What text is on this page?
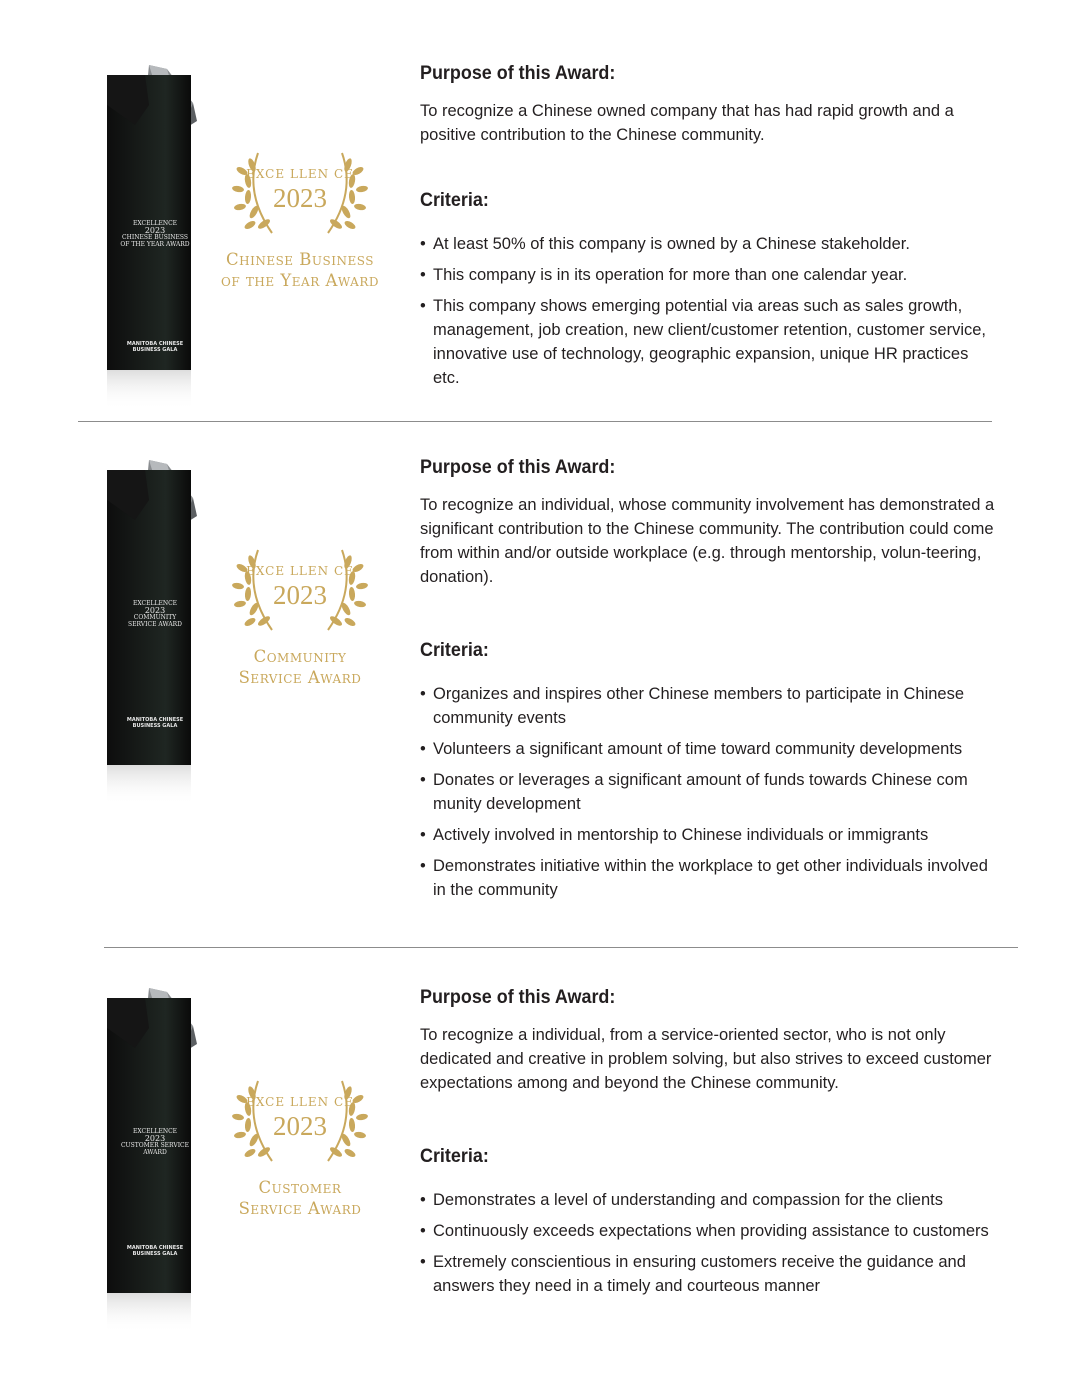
EXCELLENCE
2023
CHINESE BUSINESS
OF THE YEAR AWARD
MANITOBA CHINESE BUSINESS GALA
EXCE LLEN CE
2023
Chinese Business
of the Year Award
Purpose of this Award:
To recognize a Chinese owned company that has had rapid growth and a positive contribution to the Chinese community.
Criteria:
• At least 50% of this company is owned by a Chinese stakeholder.
• This company is in its operation for more than one calendar year.
• This company shows emerging potential via areas such as sales growth, management, job creation, new client/customer retention, customer service, innovative use of technology, geographic expansion, unique HR practices etc.
EXCELLENCE
2023
COMMUNITY
SERVICE AWARD
MANITOBA CHINESE BUSINESS GALA
EXCE LLEN CE
2023
Community
Service Award
Purpose of this Award:
To recognize an individual, whose community involvement has demonstrated a significant contribution to the Chinese community. The contribution could come from within and/or outside workplace (e.g. through mentorship, volun-teering, donation).
Criteria:
• Organizes and inspires other Chinese members to participate in Chinese community events
• Volunteers a significant amount of time toward community developments
• Donates or leverages a significant amount of funds towards Chinese com munity development
• Actively involved in mentorship to Chinese individuals or immigrants
• Demonstrates initiative within the workplace to get other individuals involved in the community
EXCELLENCE
2023
CUSTOMER SERVICE
AWARD
MANITOBA CHINESE BUSINESS GALA
EXCE LLEN CE
2023
Customer
Service Award
Purpose of this Award:
To recognize a individual, from a service-oriented sector, who is not only dedicated and creative in problem solving, but also strives to exceed customer expectations among and beyond the Chinese community.
Criteria:
• Demonstrates a level of understanding and compassion for the clients
• Continuously exceeds expectations when providing assistance to customers
• Extremely conscientious in ensuring customers receive the guidance and answers they need in a timely and courteous manner
